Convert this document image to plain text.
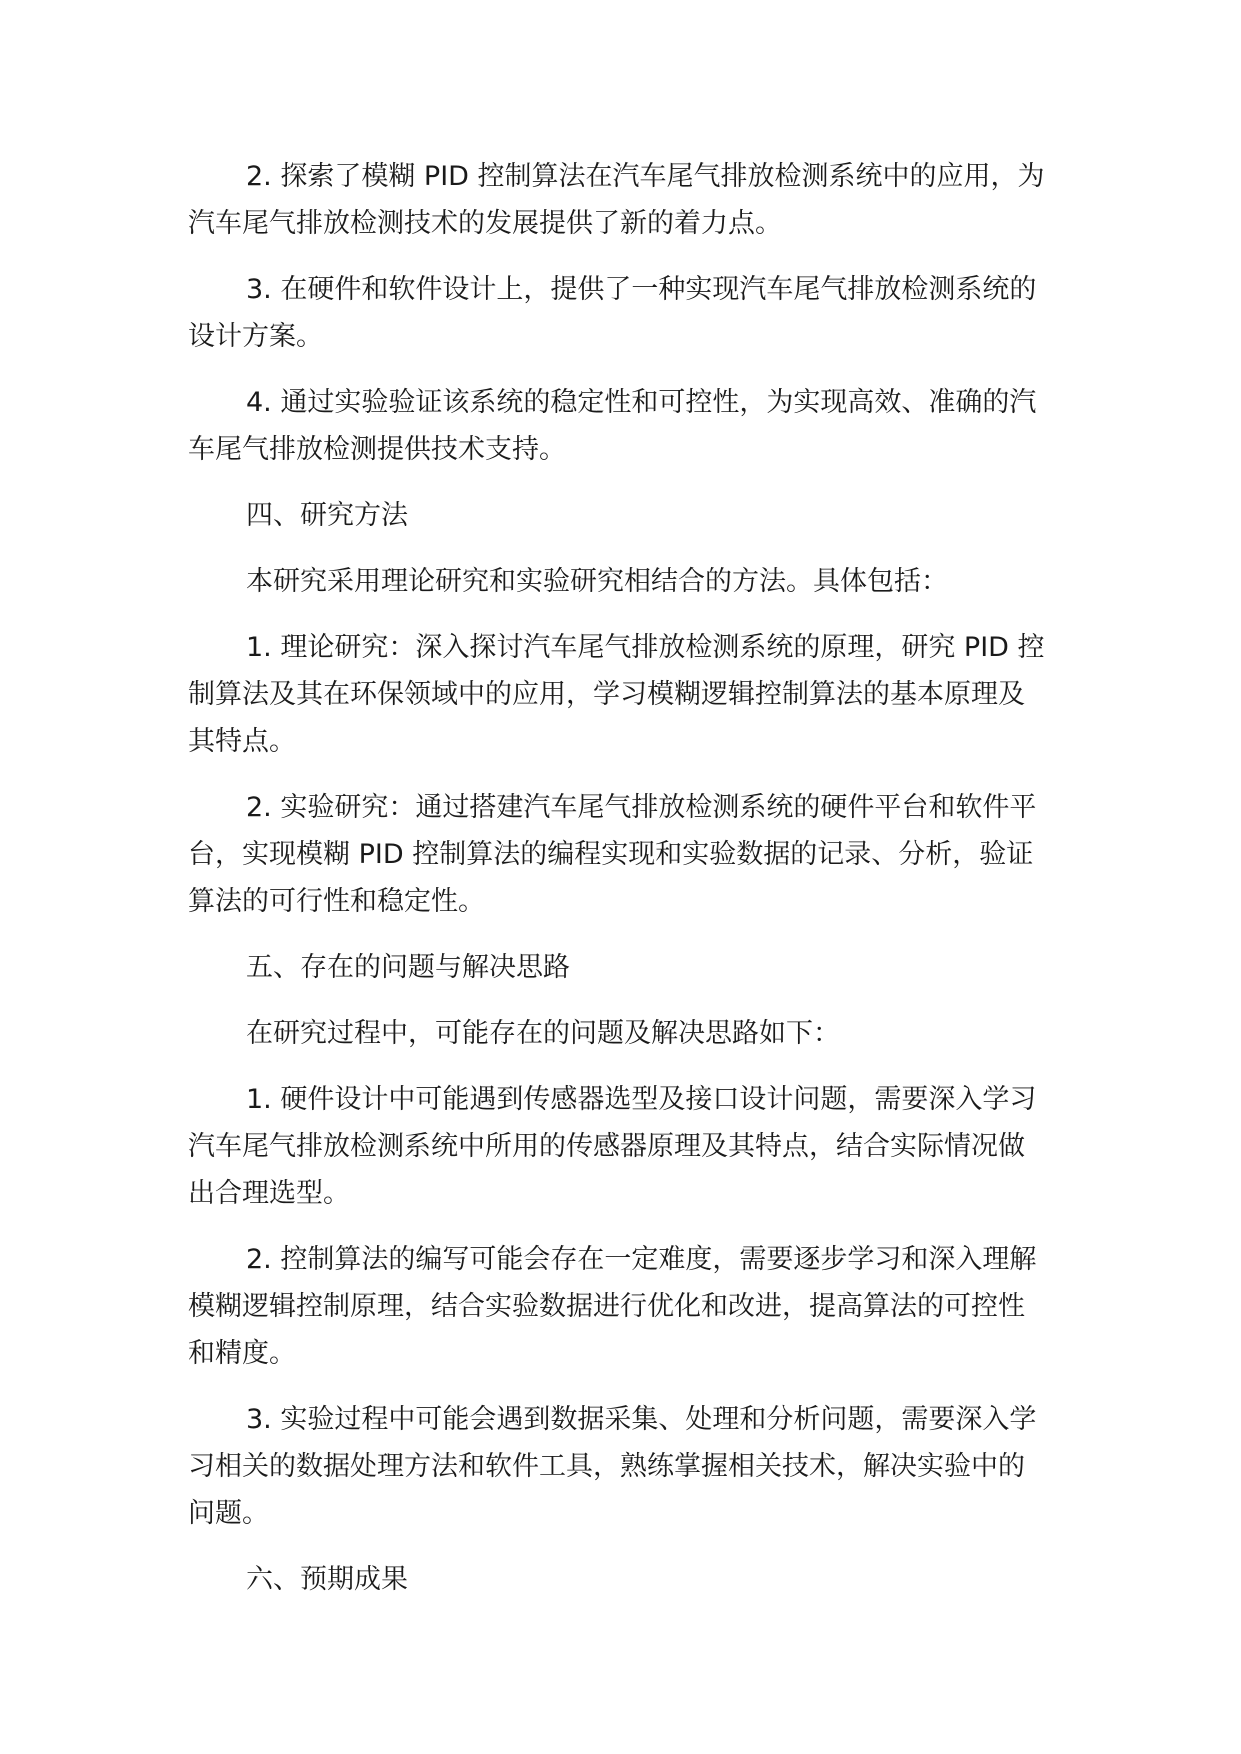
2. 探索了模糊 PID 控制算法在汽车尾气排放检测系统中的应用，为
汽车尾气排放检测技术的发展提供了新的着力点。

3. 在硬件和软件设计上，提供了一种实现汽车尾气排放检测系统的
设计方案。

4. 通过实验验证该系统的稳定性和可控性，为实现高效、准确的汽
车尾气排放检测提供技术支持。

四、研究方法

本研究采用理论研究和实验研究相结合的方法。具体包括：

1. 理论研究：深入探讨汽车尾气排放检测系统的原理，研究 PID 控
制算法及其在环保领域中的应用，学习模糊逻辑控制算法的基本原理及
其特点。

2. 实验研究：通过搭建汽车尾气排放检测系统的硬件平台和软件平
台，实现模糊 PID 控制算法的编程实现和实验数据的记录、分析，验证
算法的可行性和稳定性。

五、存在的问题与解决思路

在研究过程中，可能存在的问题及解决思路如下：

1. 硬件设计中可能遇到传感器选型及接口设计问题，需要深入学习
汽车尾气排放检测系统中所用的传感器原理及其特点，结合实际情况做
出合理选型。

2. 控制算法的编写可能会存在一定难度，需要逐步学习和深入理解
模糊逻辑控制原理，结合实验数据进行优化和改进，提高算法的可控性
和精度。

3. 实验过程中可能会遇到数据采集、处理和分析问题，需要深入学
习相关的数据处理方法和软件工具，熟练掌握相关技术，解决实验中的
问题。

六、预期成果
